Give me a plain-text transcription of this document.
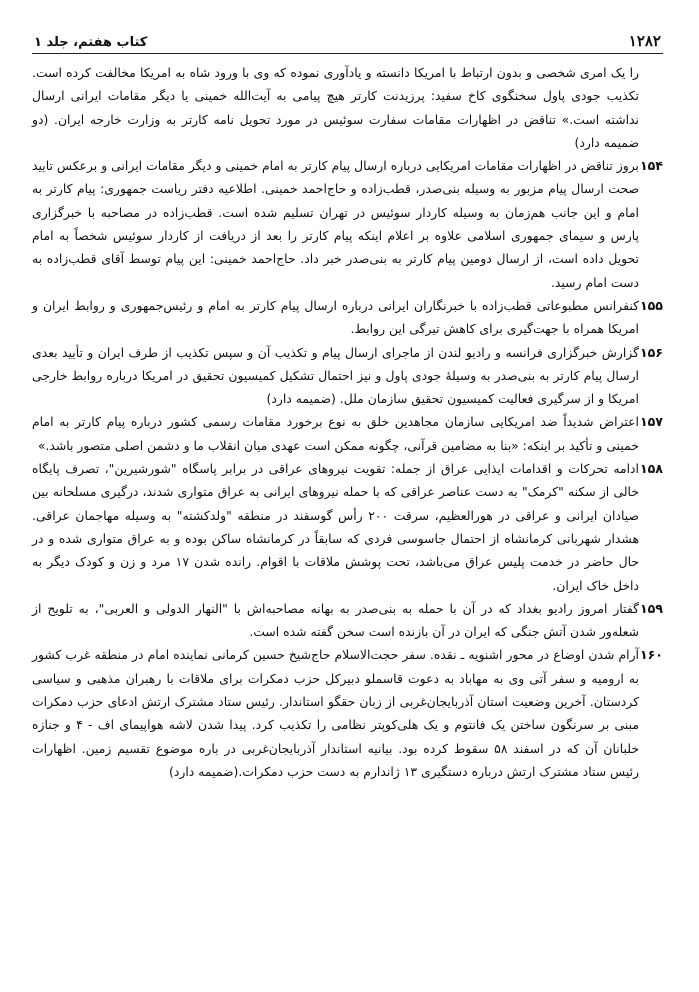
۱۲۸۲
کتاب هفتم، جلد ۱

را یک امری شخصی و بدون ارتباط با امریکا دانسته و یادآوری نموده که وی با ورود شاه به امریکا مخالفت کرده است. تکذیب جودی پاول سخنگوی کاخ سفید: پرزیدنت کارتر هیچ پیامی به آیت‌الله خمینی یا دیگر مقامات ایرانی ارسال نداشته است.» تناقض در اظهارات مقامات سفارت سوئیس در مورد تحویل نامه کارتر به وزارت خارجه ایران. (دو ضمیمه دارد)

۱۵۴

بروز تناقض در اظهارات مقامات امریکایی درباره ارسال پیام کارتر به امام خمینی و دیگر مقامات ایرانی و برعکس تایید صحت ارسال پیام مزبور به وسیله بنی‌صدر، قطب‌زاده و حاج‌احمد خمینی. اطلاعیه دفتر ریاست جمهوری: پیام کارتر به امام و این جانب هم‌زمان به وسیله کاردار سوئیس در تهران تسلیم شده است. قطب‌زاده در مصاحبه با خبرگزاری پارس و سیمای جمهوری اسلامی علاوه بر اعلام اینکه پیام کارتر را بعد از دریافت از کاردار سوئیس شخصاً به امام تحویل داده است، از ارسال دومین پیام کارتر به بنی‌صدر خبر داد. حاج‌احمد خمینی: این پیام توسط آقای قطب‌زاده به دست امام رسید.

۱۵۵

کنفرانس مطبوعاتی قطب‌زاده با خبرنگاران ایرانی درباره ارسال پیام کارتر به امام و رئیس‌جمهوری و روابط ایران و امریکا همراه با جهت‌گیری برای کاهش تیرگی این روابط.

۱۵۶

گزارش خبرگزاری فرانسه و رادیو لندن از ماجرای ارسال پیام و تکذیب آن و سپس تکذیب از طرف ایران و تأیید بعدی ارسال پیام کارتر به بنی‌صدر به وسیلۀ جودی پاول و نیز احتمال تشکیل کمیسیون تحقیق در امریکا درباره روابط خارجی امریکا و از سرگیری فعالیت کمیسیون تحقیق سازمان ملل. (ضمیمه دارد)

۱۵۷

اعتراض شدیداً ضد امریکایی سازمان مجاهدین خلق به نوع برخورد مقامات رسمی کشور درباره پیام کارتر به امام خمینی و تأکید بر اینکه: «بنا به مضامین قرآنی، چگونه ممکن است عهدی میان انقلاب ما و دشمن اصلی متصور باشد.»

۱۵۸

ادامه تحرکات و اقدامات ایذایی عراق از جمله: تقویت نیروهای عراقی در برابر پاسگاه "شورشیرین"، تصرف پایگاه خالی از سکنه "کرمک" به دست عناصر عراقی که با حمله نیروهای ایرانی به عراق متواری شدند، درگیری مسلحانه بین صیادان ایرانی و عراقی در هورالعظیم، سرقت ۲۰۰ رأس گوسفند در منطقه "ولدکشته" به وسیله مهاجمان عراقی. هشدار شهربانی کرمانشاه از احتمال جاسوسی فردی که سابقاً در کرمانشاه ساکن بوده و به عراق متواری شده و در حال حاضر در خدمت پلیس عراق می‌باشد، تحت پوشش ملاقات با اقوام. رانده شدن ۱۷ مرد و زن و کودک دیگر به داخل خاک ایران.

۱۵۹

گفتار امروز رادیو بغداد که در آن با حمله به بنی‌صدر به بهانه مصاحبه‌اش با "النهار الدولی و العربی"، به تلویح از شعله‌ور شدن آتش جنگی که ایران در آن بازنده است سخن گفته شده است.

۱۶۰

آرام شدن اوضاع در محور اشنویه ـ نقده. سفر حجت‌الاسلام حاج‌شیخ حسین کرمانی نماینده امام در منطقه غرب کشور به ارومیه و سفر آتی وی به مهاباد به دعوت قاسملو دبیرکل حزب دمکرات برای ملاقات با رهبران مذهبی و سیاسی کردستان. آخرین وضعیت استان آذربایجان‌غربی از زبان حقگو استاندار. رئیس ستاد مشترک ارتش ادعای حزب دمکرات مبنی بر سرنگون ساختن یک فانتوم و یک هلی‌کوپتر نظامی را تکذیب کرد. پیدا شدن لاشه هواپیمای اف - ۴ و جنازه خلبانان آن که در اسفند ۵۸ سقوط کرده بود. بیانیه استاندار آذربایجان‌غربی در باره موضوع تقسیم زمین. اظهارات رئیس ستاد مشترک ارتش درباره دستگیری ۱۳ ژاندارم به دست حزب دمکرات.(ضمیمه دارد)
